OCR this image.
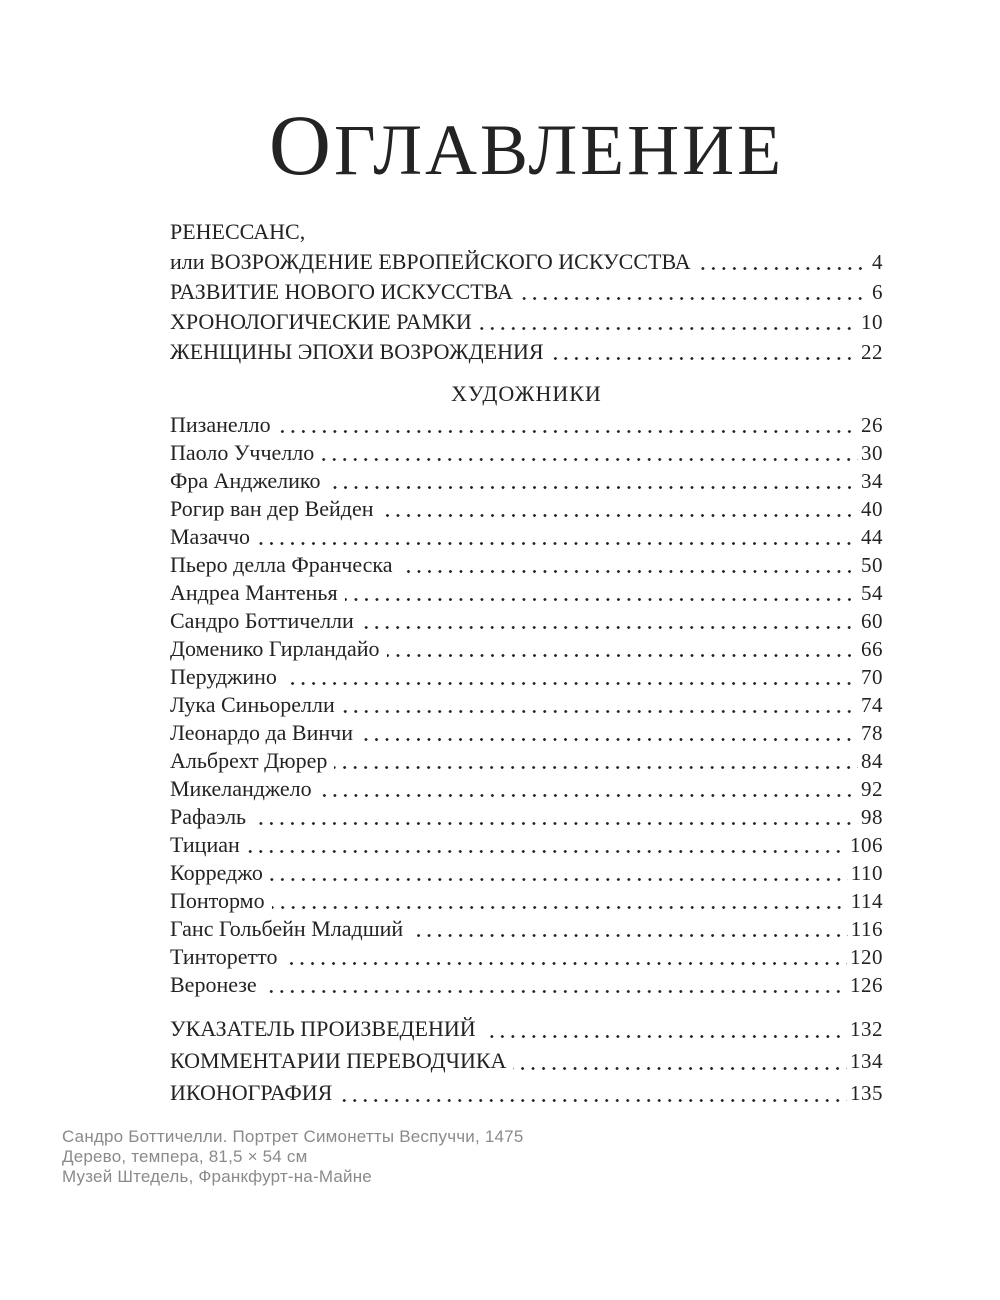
ОГЛАВЛЕНИЕ
РЕНЕССАНС,
или ВОЗРОЖДЕНИЕ ЕВРОПЕЙСКОГО ИСКУССТВА	4
РАЗВИТИЕ НОВОГО ИСКУССТВА	6
ХРОНОЛОГИЧЕСКИЕ РАМКИ	10
ЖЕНЩИНЫ ЭПОХИ ВОЗРОЖДЕНИЯ	22
ХУДОЖНИКИ
Пизанелло	26
Паоло Уччелло	30
Фра Анджелико	34
Рогир ван дер Вейден	40
Мазаччо	44
Пьеро делла Франческа	50
Андреа Мантенья	54
Сандро Боттичелли	60
Доменико Гирландайо	66
Перуджино	70
Лука Синьорелли	74
Леонардо да Винчи	78
Альбрехт Дюрер	84
Микеланджело	92
Рафаэль	98
Тициан	106
Корреджо	110
Понтормо	114
Ганс Гольбейн Младший	116
Тинторетто	120
Веронезе	126
УКАЗАТЕЛЬ ПРОИЗВЕДЕНИЙ	132
КОММЕНТАРИИ ПЕРЕВОДЧИКА	134
ИКОНОГРАФИЯ	135
Сандро Боттичелли. Портрет Симонетты Веспуччи, 1475
Дерево, темпера, 81,5 × 54 см
Музей Штедель, Франкфурт-на-Майне
